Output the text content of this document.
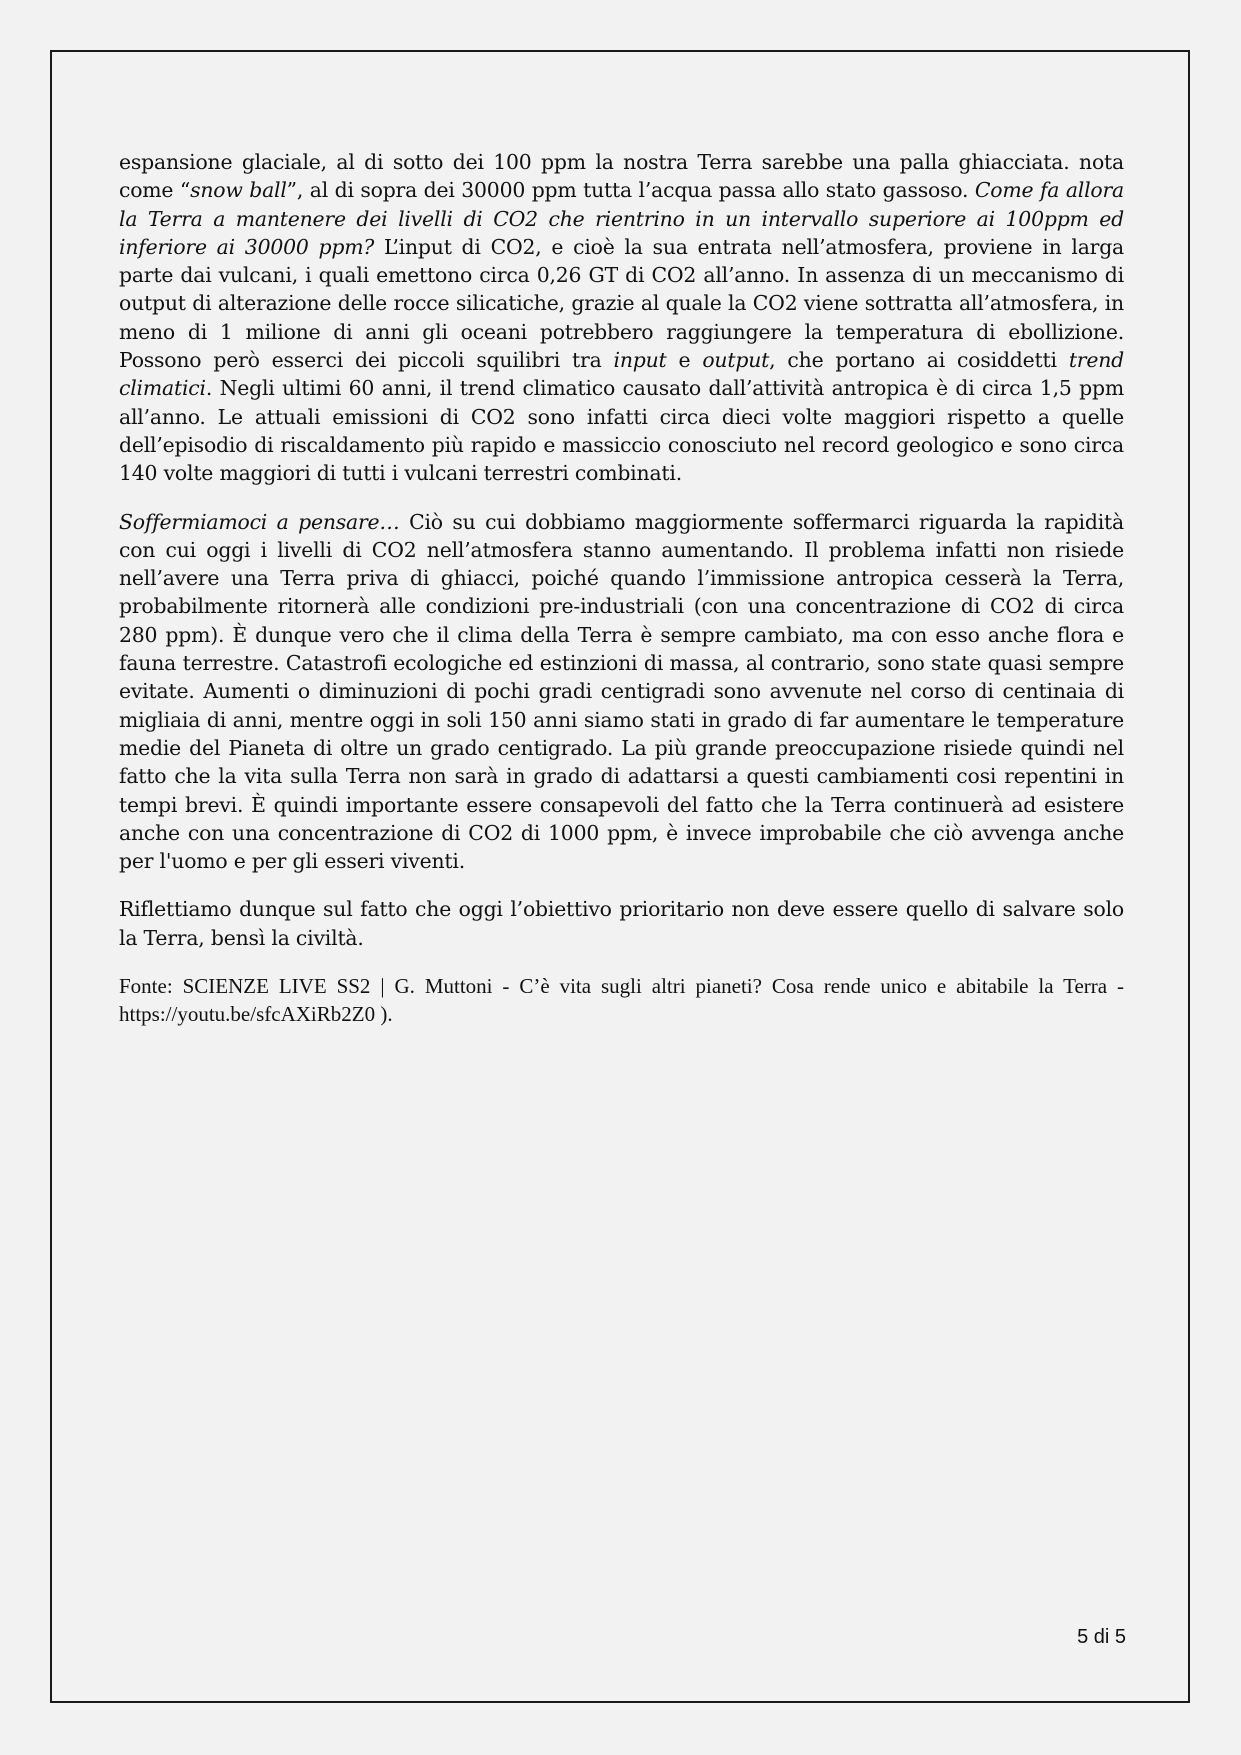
espansione glaciale, al di sotto dei 100 ppm la nostra Terra sarebbe una palla ghiacciata. nota come “snow ball”, al di sopra dei 30000 ppm tutta l’acqua passa allo stato gassoso. Come fa allora la Terra a mantenere dei livelli di CO2 che rientrino in un intervallo superiore ai 100ppm ed inferiore ai 30000 ppm? L’input di CO2, e cioè la sua entrata nell’atmosfera, proviene in larga parte dai vulcani, i quali emettono circa 0,26 GT di CO2 all’anno. In assenza di un meccanismo di output di alterazione delle rocce silicatiche, grazie al quale la CO2 viene sottratta all’atmosfera, in meno di 1 milione di anni gli oceani potrebbero raggiungere la temperatura di ebollizione. Possono però esserci dei piccoli squilibri tra input e output, che portano ai cosiddetti trend climatici. Negli ultimi 60 anni, il trend climatico causato dall’attività antropica è di circa 1,5 ppm all’anno. Le attuali emissioni di CO2 sono infatti circa dieci volte maggiori rispetto a quelle dell’episodio di riscaldamento più rapido e massiccio conosciuto nel record geologico e sono circa 140 volte maggiori di tutti i vulcani terrestri combinati.

Soffermiamoci a pensare… Ciò su cui dobbiamo maggiormente soffermarci riguarda la rapidità con cui oggi i livelli di CO2 nell’atmosfera stanno aumentando. Il problema infatti non risiede nell’avere una Terra priva di ghiacci, poiché quando l’immissione antropica cesserà la Terra, probabilmente ritornerà alle condizioni pre-industriali (con una concentrazione di CO2 di circa 280 ppm). È dunque vero che il clima della Terra è sempre cambiato, ma con esso anche flora e fauna terrestre. Catastrofi ecologiche ed estinzioni di massa, al contrario, sono state quasi sempre evitate. Aumenti o diminuzioni di pochi gradi centigradi sono avvenute nel corso di centinaia di migliaia di anni, mentre oggi in soli 150 anni siamo stati in grado di far aumentare le temperature medie del Pianeta di oltre un grado centigrado. La più grande preoccupazione risiede quindi nel fatto che la vita sulla Terra non sarà in grado di adattarsi a questi cambiamenti cosi repentini in tempi brevi. È quindi importante essere consapevoli del fatto che la Terra continuerà ad esistere anche con una concentrazione di CO2 di 1000 ppm, è invece improbabile che ciò avvenga anche per l'uomo e per gli esseri viventi.

Riflettiamo dunque sul fatto che oggi l’obiettivo prioritario non deve essere quello di salvare solo la Terra, bensì la civiltà.

Fonte: SCIENZE LIVE SS2 | G. Muttoni - C’è vita sugli altri pianeti? Cosa rende unico e abitabile la Terra - https://youtu.be/sfcAXiRb2Z0 ).

5 di 5
